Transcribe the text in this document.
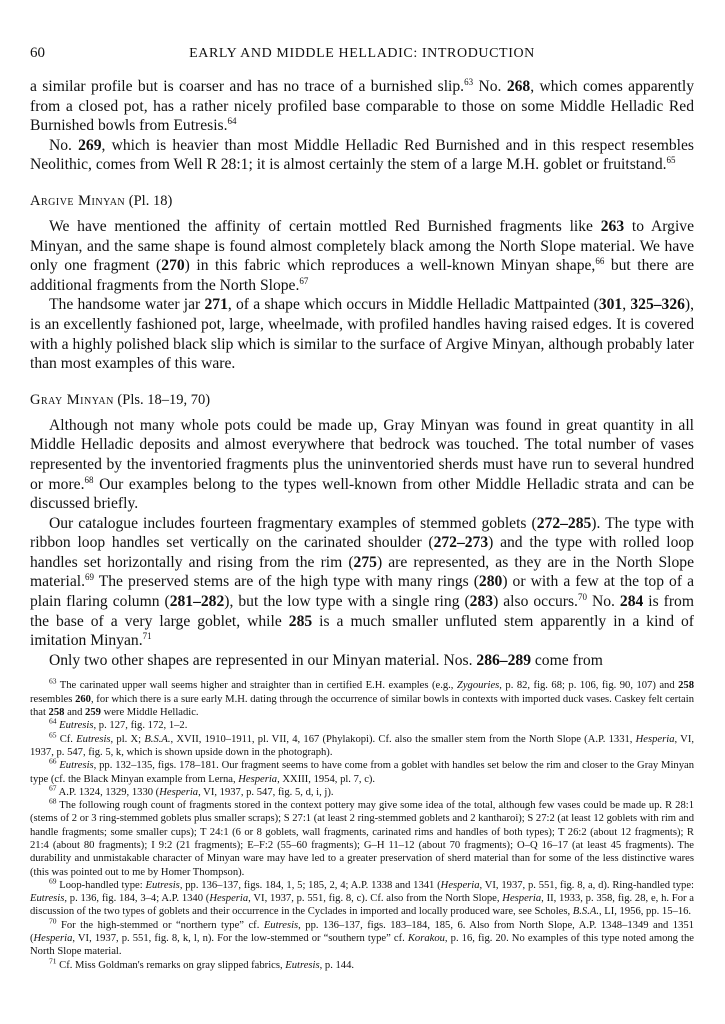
60	EARLY AND MIDDLE HELLADIC: INTRODUCTION

a similar profile but is coarser and has no trace of a burnished slip.$^{63}$ No. 268, which comes apparently from a closed pot, has a rather nicely profiled base comparable to those on some Middle Helladic Red Burnished bowls from Eutresis.$^{64}$

No. 269, which is heavier than most Middle Helladic Red Burnished and in this respect resembles Neolithic, comes from Well R 28:1; it is almost certainly the stem of a large M.H. goblet or fruitstand.$^{65}$

Argive Minyan (Pl. 18)

We have mentioned the affinity of certain mottled Red Burnished fragments like 263 to Argive Minyan, and the same shape is found almost completely black among the North Slope material. We have only one fragment (270) in this fabric which reproduces a well-known Minyan shape,$^{66}$ but there are additional fragments from the North Slope.$^{67}$

The handsome water jar 271, of a shape which occurs in Middle Helladic Mattpainted (301, 325–326), is an excellently fashioned pot, large, wheelmade, with profiled handles having raised edges. It is covered with a highly polished black slip which is similar to the surface of Argive Minyan, although probably later than most examples of this ware.

Gray Minyan (Pls. 18–19, 70)

Although not many whole pots could be made up, Gray Minyan was found in great quantity in all Middle Helladic deposits and almost everywhere that bedrock was touched. The total number of vases represented by the inventoried fragments plus the uninventoried sherds must have run to several hundred or more.$^{68}$ Our examples belong to the types well-known from other Middle Helladic strata and can be discussed briefly.

Our catalogue includes fourteen fragmentary examples of stemmed goblets (272–285). The type with ribbon loop handles set vertically on the carinated shoulder (272–273) and the type with rolled loop handles set horizontally and rising from the rim (275) are represented, as they are in the North Slope material.$^{69}$ The preserved stems are of the high type with many rings (280) or with a few at the top of a plain flaring column (281–282), but the low type with a single ring (283) also occurs.$^{70}$ No. 284 is from the base of a very large goblet, while 285 is a much smaller unfluted stem apparently in a kind of imitation Minyan.$^{71}$

Only two other shapes are represented in our Minyan material. Nos. 286–289 come from

$^{63}$ The carinated upper wall seems higher and straighter than in certified E.H. examples (e.g., Zygouries, p. 82, fig. 68; p. 106, fig. 90, 107) and 258 resembles 260, for which there is a sure early M.H. dating through the occurrence of similar bowls in contexts with imported duck vases. Caskey felt certain that 258 and 259 were Middle Helladic.

$^{64}$ Eutresis, p. 127, fig. 172, 1–2.

$^{65}$ Cf. Eutresis, pl. X; B.S.A., XVII, 1910–1911, pl. VII, 4, 167 (Phylakopi). Cf. also the smaller stem from the North Slope (A.P. 1331, Hesperia, VI, 1937, p. 547, fig. 5, k, which is shown upside down in the photograph).

$^{66}$ Eutresis, pp. 132–135, figs. 178–181. Our fragment seems to have come from a goblet with handles set below the rim and closer to the Gray Minyan type (cf. the Black Minyan example from Lerna, Hesperia, XXIII, 1954, pl. 7, c).

$^{67}$ A.P. 1324, 1329, 1330 (Hesperia, VI, 1937, p. 547, fig. 5, d, i, j).

$^{68}$ The following rough count of fragments stored in the context pottery may give some idea of the total, although few vases could be made up. R 28:1 (stems of 2 or 3 ring-stemmed goblets plus smaller scraps); S 27:1 (at least 2 ring-stemmed goblets and 2 kantharoi); S 27:2 (at least 12 goblets with rim and handle fragments; some smaller cups); T 24:1 (6 or 8 goblets, wall fragments, carinated rims and handles of both types); T 26:2 (about 12 fragments); R 21:4 (about 80 fragments); I 9:2 (21 fragments); E–F:2 (55–60 fragments); G–H 11–12 (about 70 fragments); O–Q 16–17 (at least 45 fragments). The durability and unmistakable character of Minyan ware may have led to a greater preservation of sherd material than for some of the less distinctive wares (this was pointed out to me by Homer Thompson).

$^{69}$ Loop-handled type: Eutresis, pp. 136–137, figs. 184, 1, 5; 185, 2, 4; A.P. 1338 and 1341 (Hesperia, VI, 1937, p. 551, fig. 8, a, d). Ring-handled type: Eutresis, p. 136, fig. 184, 3–4; A.P. 1340 (Hesperia, VI, 1937, p. 551, fig. 8, c). Cf. also from the North Slope, Hesperia, II, 1933, p. 358, fig. 28, e, h. For a discussion of the two types of goblets and their occurrence in the Cyclades in imported and locally produced ware, see Scholes, B.S.A., LI, 1956, pp. 15–16.

$^{70}$ For the high-stemmed or “northern type” cf. Eutresis, pp. 136–137, figs. 183–184, 185, 6. Also from North Slope, A.P. 1348–1349 and 1351 (Hesperia, VI, 1937, p. 551, fig. 8, k, l, n). For the low-stemmed or “southern type” cf. Korakou, p. 16, fig. 20. No examples of this type noted among the North Slope material.

$^{71}$ Cf. Miss Goldman's remarks on gray slipped fabrics, Eutresis, p. 144.
